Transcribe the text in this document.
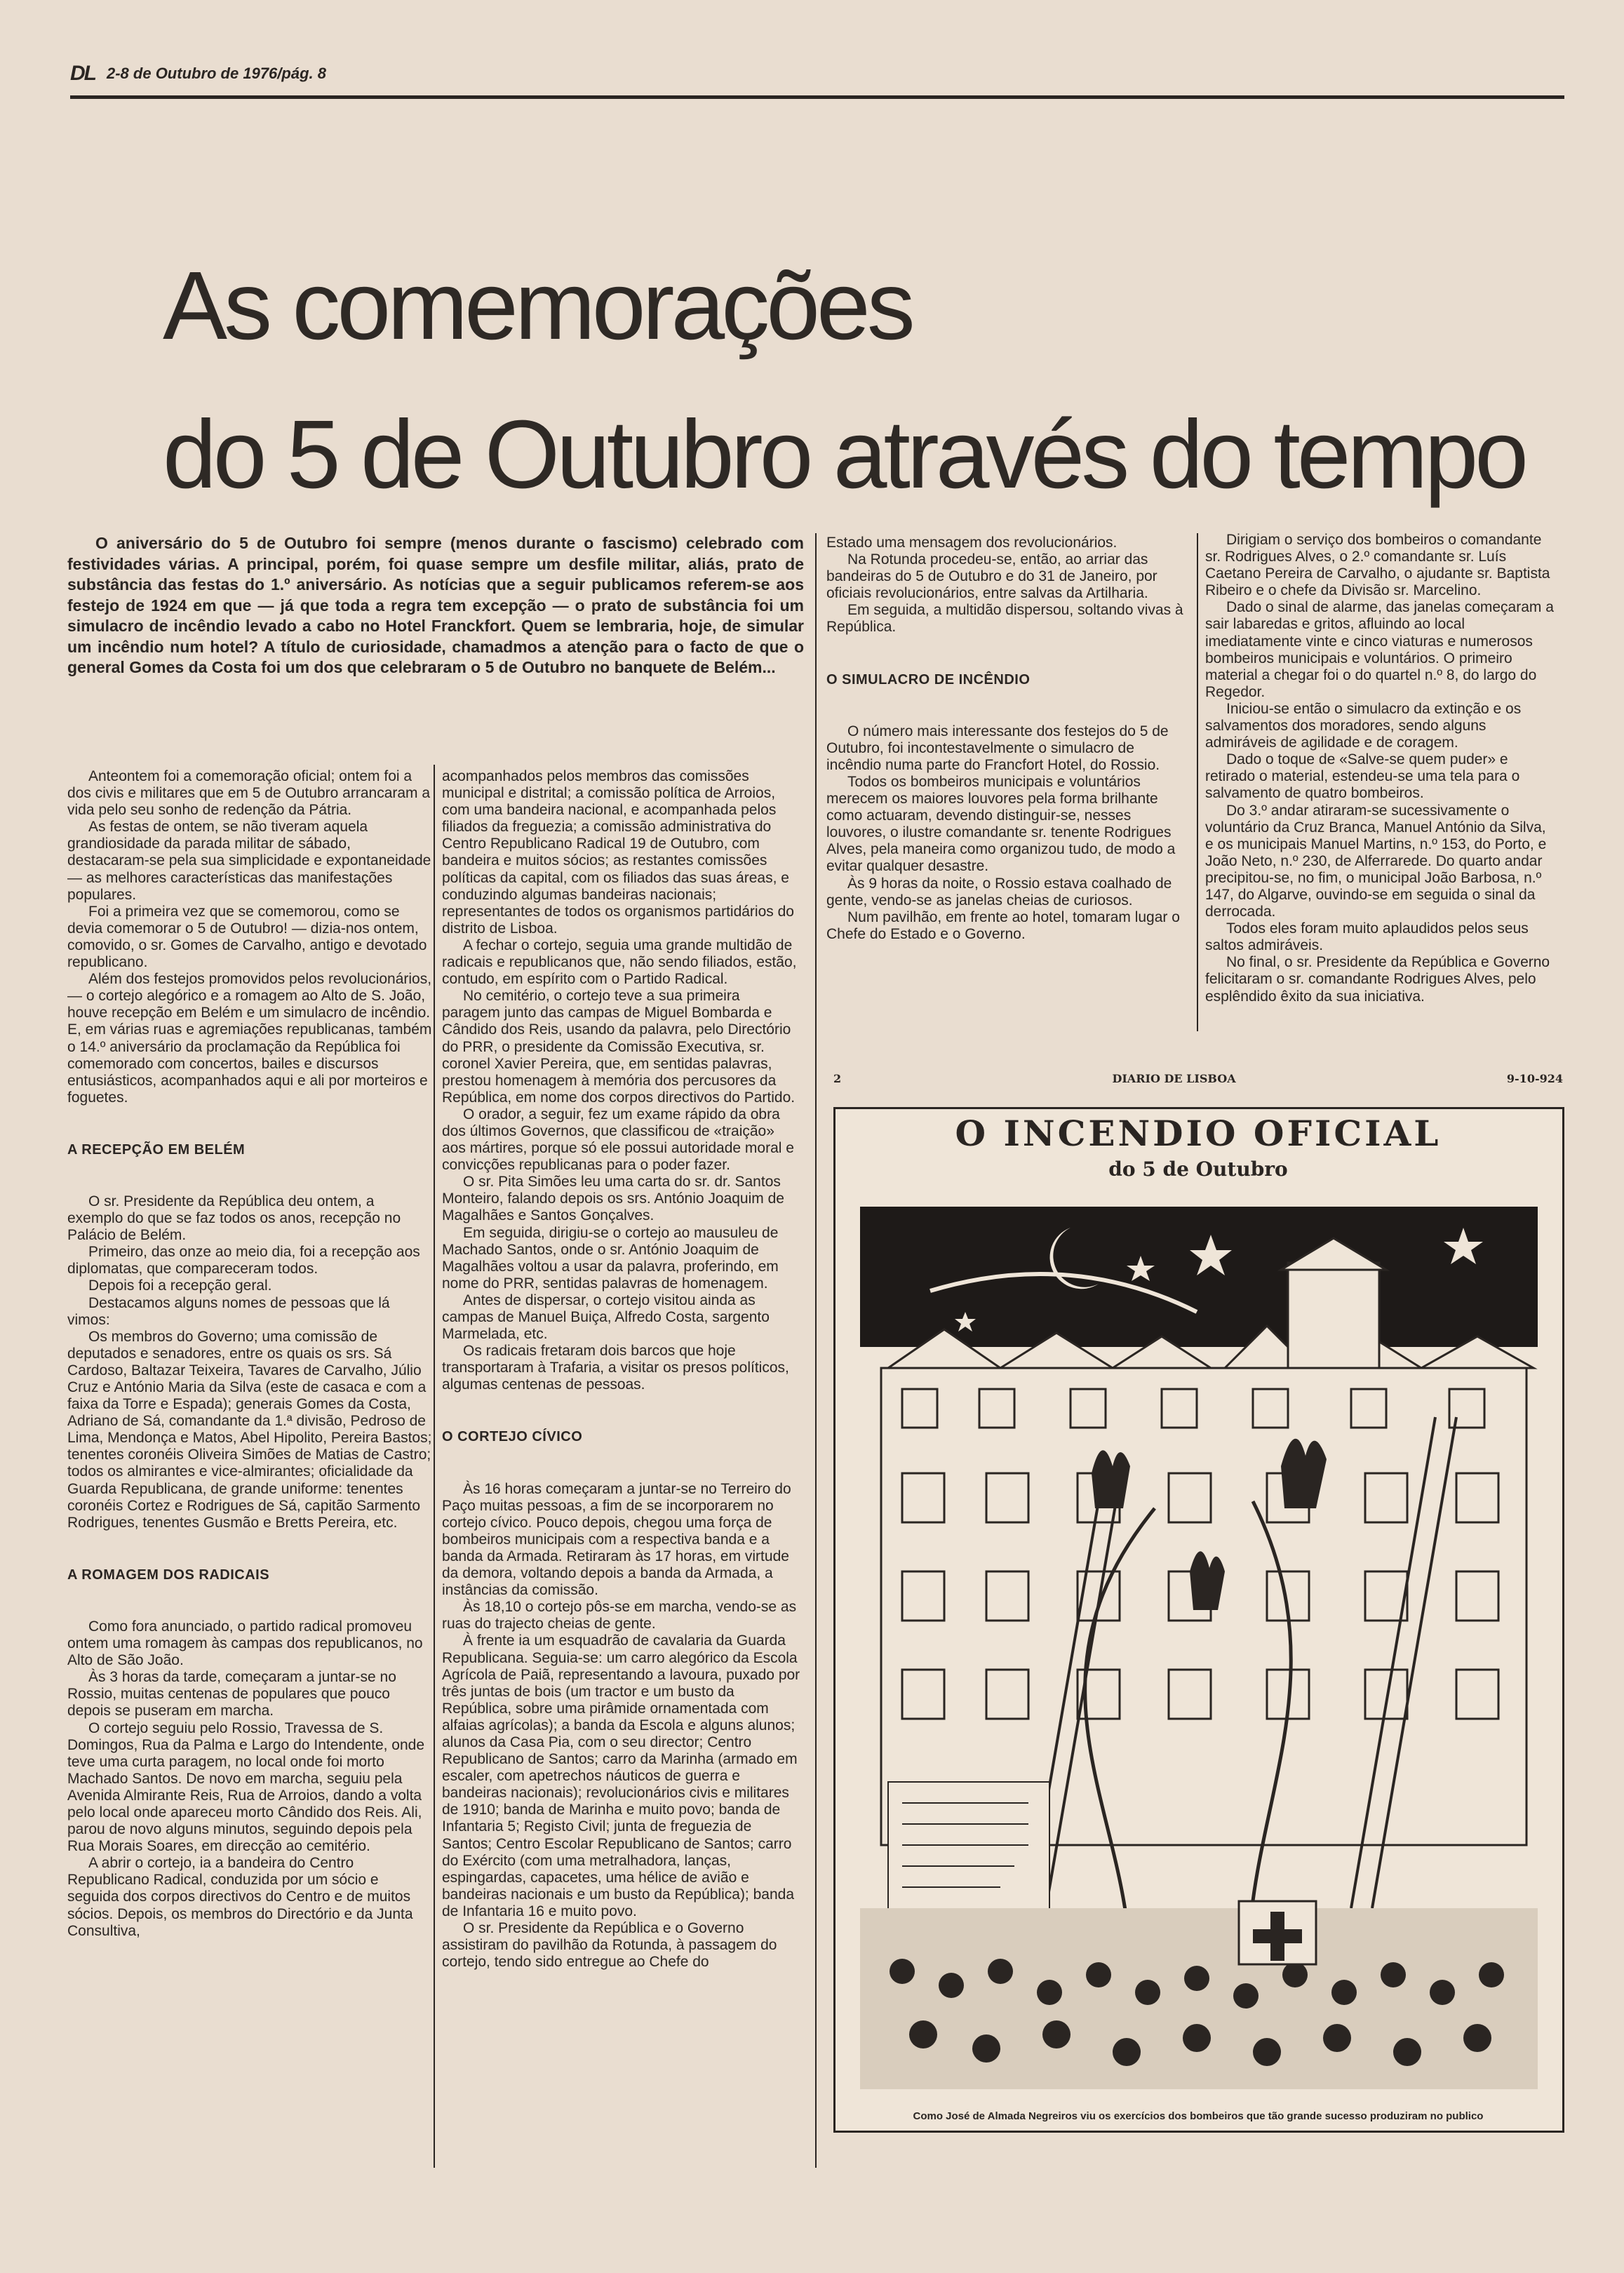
DL 2-8 de Outubro de 1976/pág. 8
As comemorações
do 5 de Outubro através do tempo

O aniversário do 5 de Outubro foi sempre (menos durante o fascismo) celebrado com festividades várias. A principal, porém, foi quase sempre um desfile militar, aliás, prato de substância das festas do 1.º aniversário. As notícias que a seguir publicamos referem-se aos festejo de 1924 em que — já que toda a regra tem excepção — o prato de substância foi um simulacro de incêndio levado a cabo no Hotel Franckfort. Quem se lembraria, hoje, de simular um incêndio num hotel? A título de curiosidade, chamadmos a atenção para o facto de que o general Gomes da Costa foi um dos que celebraram o 5 de Outubro no banquete de Belém...

Anteontem foi a comemoração oficial; ontem foi a dos civis e militares que em 5 de Outubro arrancaram a vida pelo seu sonho de redenção da Pátria.

As festas de ontem, se não tiveram aquela grandiosidade da parada militar de sábado, destacaram-se pela sua simplicidade e expontaneidade — as melhores características das manifestações populares.

Foi a primeira vez que se comemorou, como se devia comemorar o 5 de Outubro! — dizia-nos ontem, comovido, o sr. Gomes de Carvalho, antigo e devotado republicano.

Além dos festejos promovidos pelos revolucionários, — o cortejo alegórico e a romagem ao Alto de S. João, houve recepção em Belém e um simulacro de incêndio. E, em várias ruas e agremiações republicanas, também o 14.º aniversário da proclamação da República foi comemorado com concertos, bailes e discursos entusiásticos, acompanhados aqui e ali por morteiros e foguetes.

A RECEPÇÃO EM BELÉM

O sr. Presidente da República deu ontem, a exemplo do que se faz todos os anos, recepção no Palácio de Belém.

Primeiro, das onze ao meio dia, foi a recepção aos diplomatas, que compareceram todos.

Depois foi a recepção geral.

Destacamos alguns nomes de pessoas que lá vimos:

Os membros do Governo; uma comissão de deputados e senadores, entre os quais os srs. Sá Cardoso, Baltazar Teixeira, Tavares de Carvalho, Júlio Cruz e António Maria da Silva (este de casaca e com a faixa da Torre e Espada); generais Gomes da Costa, Adriano de Sá, comandante da 1.ª divisão, Pedroso de Lima, Mendonça e Matos, Abel Hipolito, Pereira Bastos; tenentes coronéis Oliveira Simões de Matias de Castro; todos os almirantes e vice-almirantes; oficialidade da Guarda Republicana, de grande uniforme: tenentes coronéis Cortez e Rodrigues de Sá, capitão Sarmento Rodrigues, tenentes Gusmão e Bretts Pereira, etc.

A ROMAGEM DOS RADICAIS

Como fora anunciado, o partido radical promoveu ontem uma romagem às campas dos republicanos, no Alto de São João.

Às 3 horas da tarde, começaram a juntar-se no Rossio, muitas centenas de populares que pouco depois se puseram em marcha.

O cortejo seguiu pelo Rossio, Travessa de S. Domingos, Rua da Palma e Largo do Intendente, onde teve uma curta paragem, no local onde foi morto Machado Santos. De novo em marcha, seguiu pela Avenida Almirante Reis, Rua de Arroios, dando a volta pelo local onde apareceu morto Cândido dos Reis. Ali, parou de novo alguns minutos, seguindo depois pela Rua Morais Soares, em direcção ao cemitério.

A abrir o cortejo, ia a bandeira do Centro Republicano Radical, conduzida por um sócio e seguida dos corpos directivos do Centro e de muitos sócios. Depois, os membros do Directório e da Junta Consultiva,

acompanhados pelos membros das comissões municipal e distrital; a comissão política de Arroios, com uma bandeira nacional, e acompanhada pelos filiados da freguezia; a comissão administrativa do Centro Republicano Radical 19 de Outubro, com bandeira e muitos sócios; as restantes comissões políticas da capital, com os filiados das suas áreas, e conduzindo algumas bandeiras nacionais; representantes de todos os organismos partidários do distrito de Lisboa.

A fechar o cortejo, seguia uma grande multidão de radicais e republicanos que, não sendo filiados, estão, contudo, em espírito com o Partido Radical.

No cemitério, o cortejo teve a sua primeira paragem junto das campas de Miguel Bombarda e Cândido dos Reis, usando da palavra, pelo Directório do PRR, o presidente da Comissão Executiva, sr. coronel Xavier Pereira, que, em sentidas palavras, prestou homenagem à memória dos percusores da República, em nome dos corpos directivos do Partido.

O orador, a seguir, fez um exame rápido da obra dos últimos Governos, que classificou de «traição» aos mártires, porque só ele possui autoridade moral e convicções republicanas para o poder fazer.

O sr. Pita Simões leu uma carta do sr. dr. Santos Monteiro, falando depois os srs. António Joaquim de Magalhães e Santos Gonçalves.

Em seguida, dirigiu-se o cortejo ao mausuleu de Machado Santos, onde o sr. António Joaquim de Magalhães voltou a usar da palavra, proferindo, em nome do PRR, sentidas palavras de homenagem.

Antes de dispersar, o cortejo visitou ainda as campas de Manuel Buiça, Alfredo Costa, sargento Marmelada, etc.

Os radicais fretaram dois barcos que hoje transportaram à Trafaria, a visitar os presos políticos, algumas centenas de pessoas.

O CORTEJO CÍVICO

Às 16 horas começaram a juntar-se no Terreiro do Paço muitas pessoas, a fim de se incorporarem no cortejo cívico. Pouco depois, chegou uma força de bombeiros municipais com a respectiva banda e a banda da Armada. Retiraram às 17 horas, em virtude da demora, voltando depois a banda da Armada, a instâncias da comissão.

Às 18,10 o cortejo pôs-se em marcha, vendo-se as ruas do trajecto cheias de gente.

À frente ia um esquadrão de cavalaria da Guarda Republicana. Seguia-se: um carro alegórico da Escola Agrícola de Paiã, representando a lavoura, puxado por três juntas de bois (um tractor e um busto da República, sobre uma pirâmide ornamentada com alfaias agrícolas); a banda da Escola e alguns alunos; alunos da Casa Pia, com o seu director; Centro Republicano de Santos; carro da Marinha (armado em escaler, com apetrechos náuticos de guerra e bandeiras nacionais); revolucionários civis e militares de 1910; banda de Marinha e muito povo; banda de Infantaria 5; Registo Civil; junta de freguezia de Santos; Centro Escolar Republicano de Santos; carro do Exército (com uma metralhadora, lanças, espingardas, capacetes, uma hélice de avião e bandeiras nacionais e um busto da República); banda de Infantaria 16 e muito povo.

O sr. Presidente da República e o Governo assistiram do pavilhão da Rotunda, à passagem do cortejo, tendo sido entregue ao Chefe do

Estado uma mensagem dos revolucionários.

Na Rotunda procedeu-se, então, ao arriar das bandeiras do 5 de Outubro e do 31 de Janeiro, por oficiais revolucionários, entre salvas da Artilharia.

Em seguida, a multidão dispersou, soltando vivas à República.

O SIMULACRO DE INCÊNDIO

O número mais interessante dos festejos do 5 de Outubro, foi incontestavelmente o simulacro de incêndio numa parte do Francfort Hotel, do Rossio.

Todos os bombeiros municipais e voluntários merecem os maiores louvores pela forma brilhante como actuaram, devendo distinguir-se, nesses louvores, o ilustre comandante sr. tenente Rodrigues Alves, pela maneira como organizou tudo, de modo a evitar qualquer desastre.

Às 9 horas da noite, o Rossio estava coalhado de gente, vendo-se as janelas cheias de curiosos.

Num pavilhão, em frente ao hotel, tomaram lugar o Chefe do Estado e o Governo.

Dirigiam o serviço dos bombeiros o comandante sr. Rodrigues Alves, o 2.º comandante sr. Luís Caetano Pereira de Carvalho, o ajudante sr. Baptista Ribeiro e o chefe da Divisão sr. Marcelino.

Dado o sinal de alarme, das janelas começaram a sair labaredas e gritos, afluindo ao local imediatamente vinte e cinco viaturas e numerosos bombeiros municipais e voluntários. O primeiro material a chegar foi o do quartel n.º 8, do largo do Regedor.

Iniciou-se então o simulacro da extinção e os salvamentos dos moradores, sendo alguns admiráveis de agilidade e de coragem.

Dado o toque de «Salve-se quem puder» e retirado o material, estendeu-se uma tela para o salvamento de quatro bombeiros.

Do 3.º andar atiraram-se sucessivamente o voluntário da Cruz Branca, Manuel António da Silva, e os municipais Manuel Martins, n.º 153, do Porto, e João Neto, n.º 230, de Alferrarede. Do quarto andar precipitou-se, no fim, o municipal João Barbosa, n.º 147, do Algarve, ouvindo-se em seguida o sinal da derrocada.

Todos eles foram muito aplaudidos pelos seus saltos admiráveis.

No final, o sr. Presidente da República e Governo felicitaram o sr. comandante Rodrigues Alves, pelo esplêndido êxito da sua iniciativa.

2	DIARIO DE LISBOA	9-10-924
O INCENDIO OFICIAL
do 5 de Outubro
Como José de Almada Negreiros viu os exercícios dos bombeiros que tão grande sucesso produziram no publico
